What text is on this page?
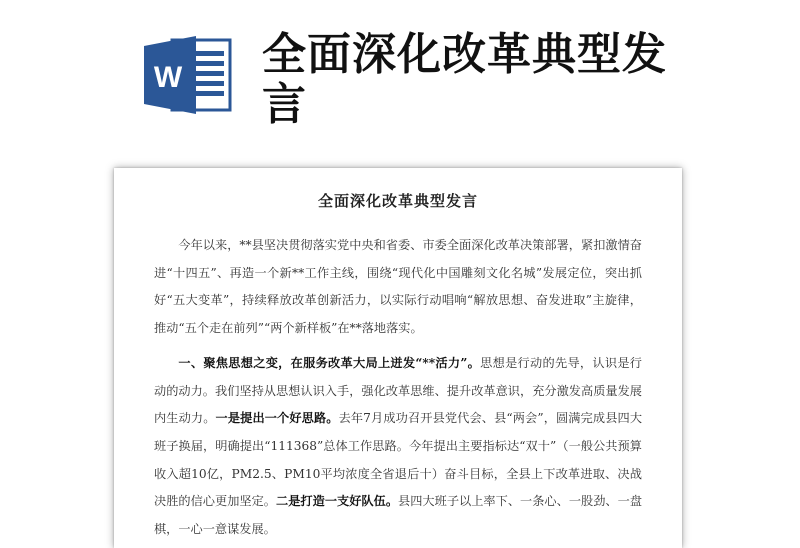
W 全面深化改革典型发言
全面深化改革典型发言

今年以来，**县坚决贯彻落实党中央和省委、市委全面深化改革决策部署，紧扣激情奋进“十四五”、再造一个新**工作主线，围绕“现代化中国雕刻文化名城”发展定位，突出抓好“五大变革”，持续释放改革创新活力，以实际行动唱响“解放思想、奋发进取”主旋律，推动“五个走在前列”“两个新样板”在**落地落实。

一、聚焦思想之变，在服务改革大局上迸发“**活力”。思想是行动的先导，认识是行动的动力。我们坚持从思想认识入手，强化改革思维、提升改革意识，充分激发高质量发展内生动力。一是提出一个好思路。去年7月成功召开县党代会、县“两会”，圆满完成县四大班子换届，明确提出“111368”总体工作思路。今年提出主要指标达“双十”（一般公共预算收入超10亿，PM2.5、PM10平均浓度全省退后十）奋斗目标，全县上下改革进取、决战决胜的信心更加坚定。二是打造一支好队伍。县四大班子以上率下、一条心、一股劲、一盘棋，一心一意谋发展。
